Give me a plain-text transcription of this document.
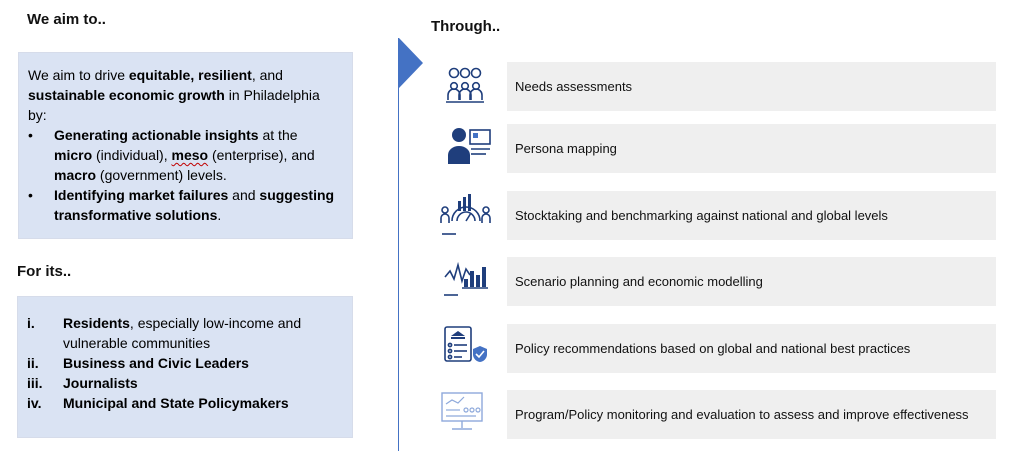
We aim to..

We aim to drive equitable, resilient, and
sustainable economic growth in Philadelphia by:

•	Generating actionable insights at the
micro (individual), meso (enterprise), and
macro (government) levels.
•	Identifying market failures and suggesting transformative solutions.
For its..
i.	Residents, especially low-income and vulnerable communities
ii.	Business and Civic Leaders
iii.	Journalists
iv.	Municipal and State Policymakers
Through..
Needs assessments
Persona mapping
Stocktaking and benchmarking against national and global levels
Scenario planning and economic modelling
Policy recommendations based on global and national best practices
Program/Policy monitoring and evaluation to assess and improve effectiveness
